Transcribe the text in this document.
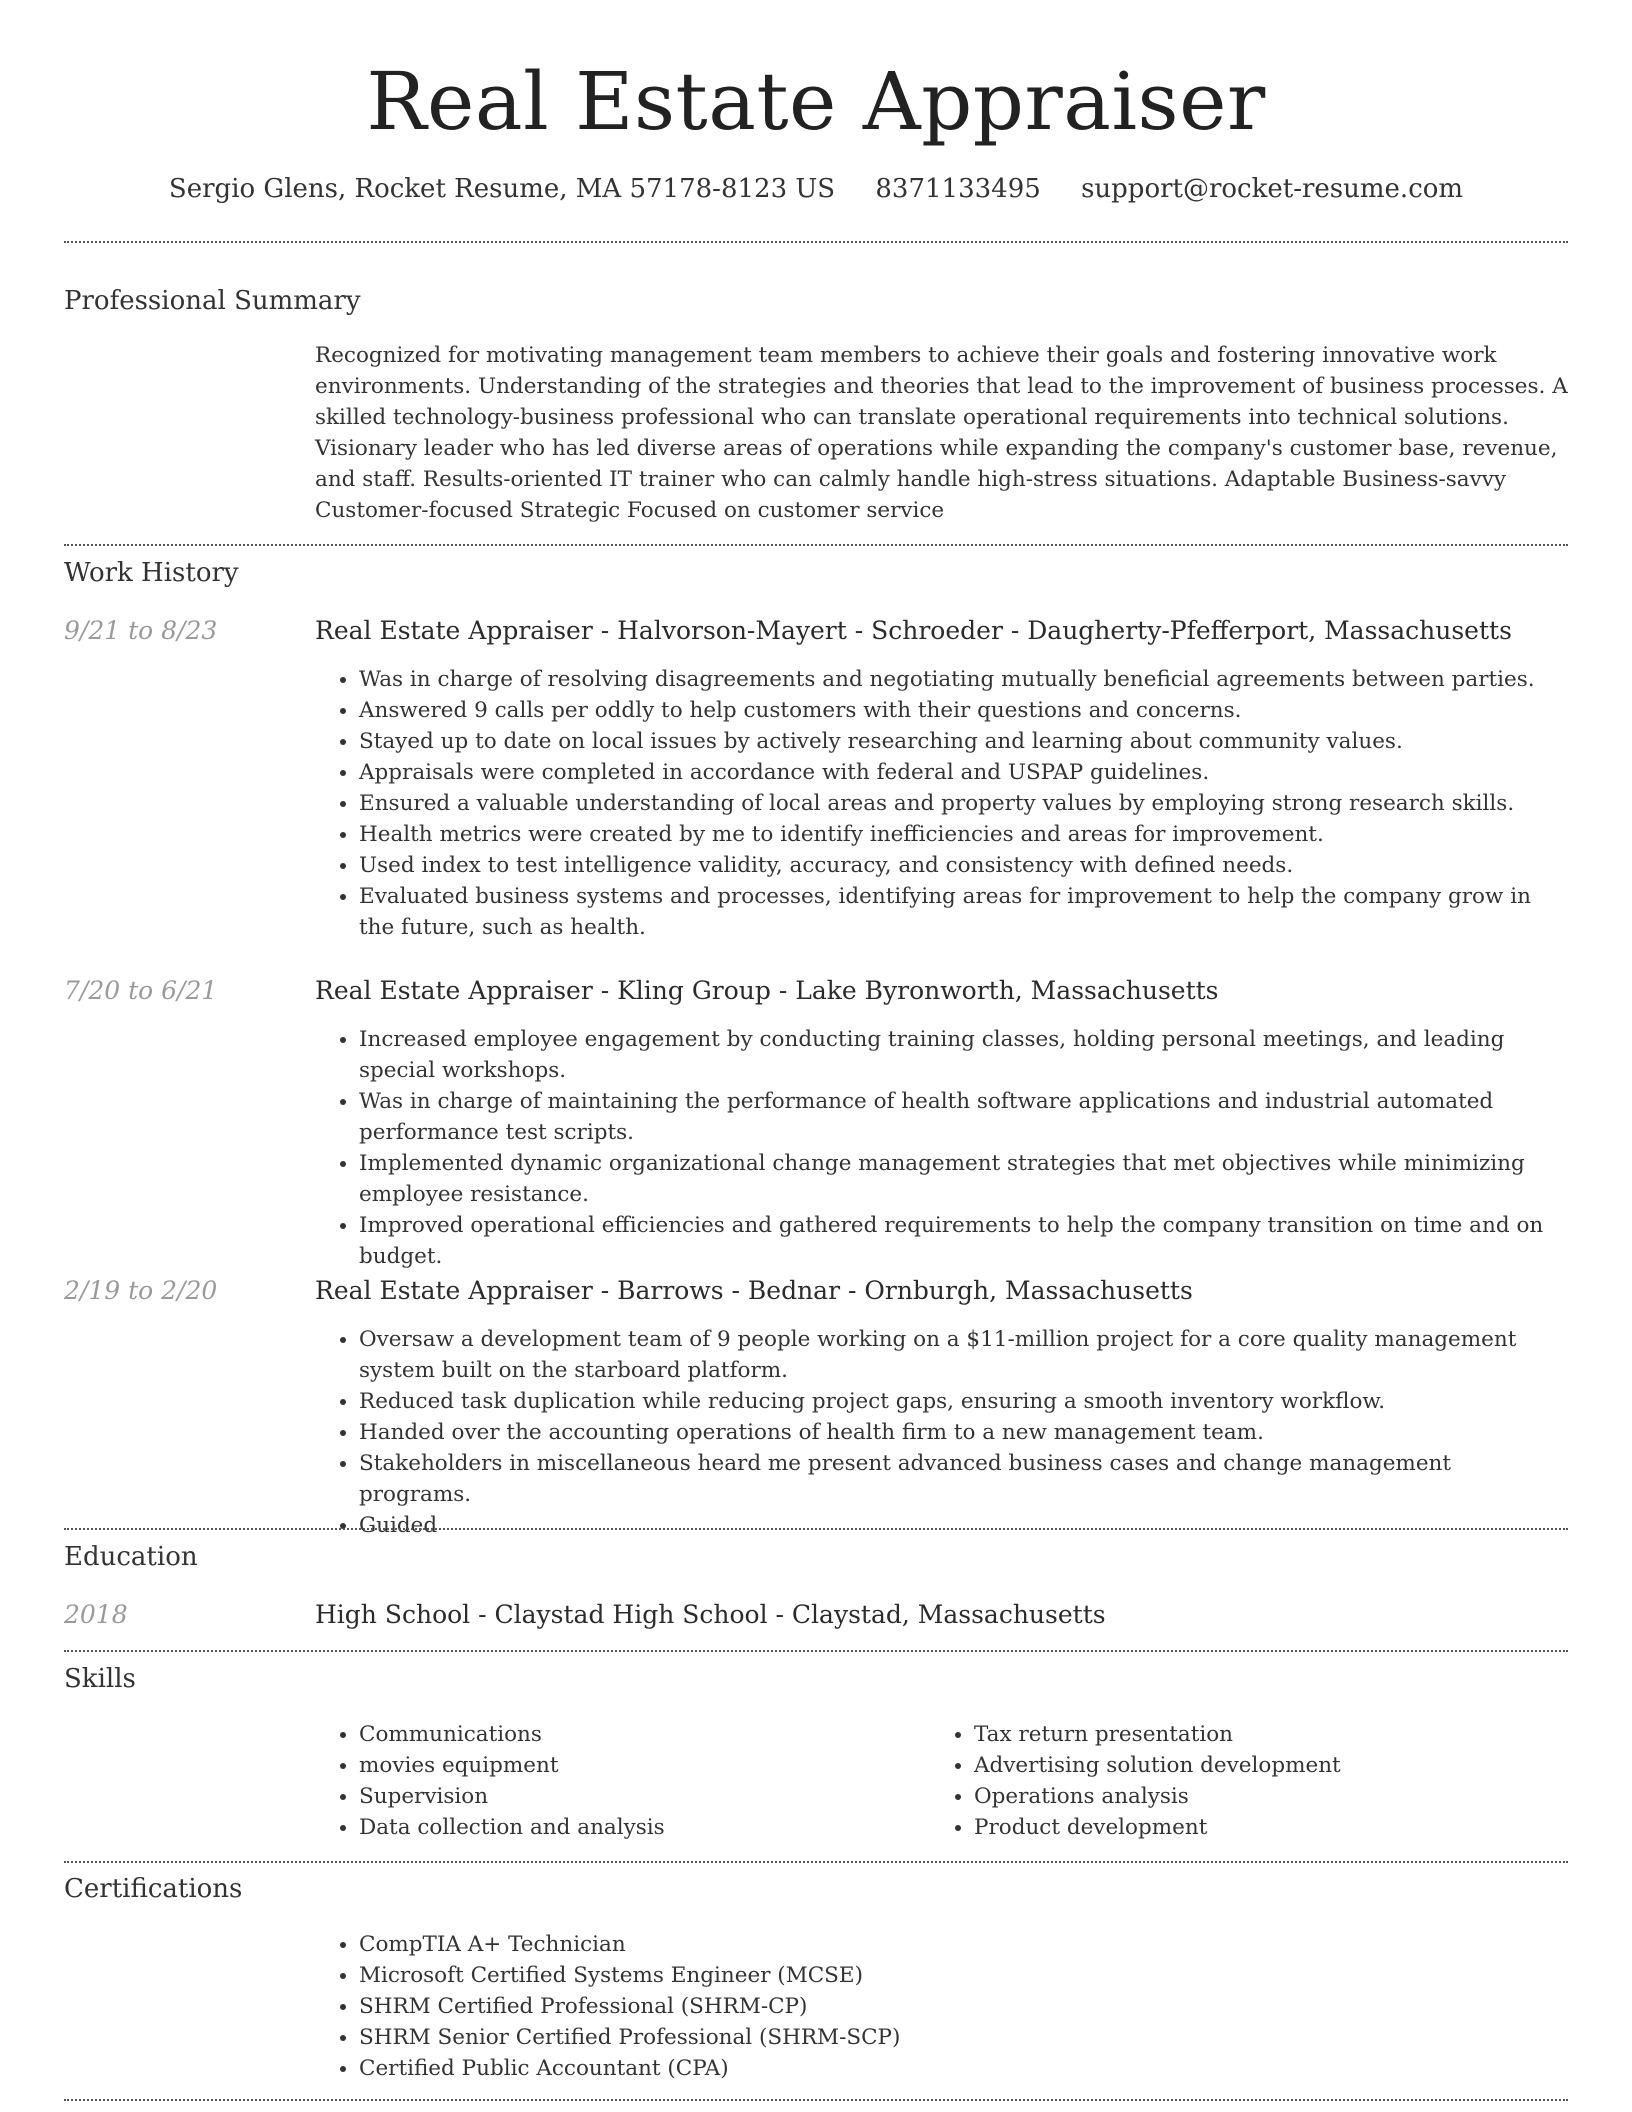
Real Estate Appraiser
Sergio Glens, Rocket Resume, MA 57178-8123 US 8371133495 support@rocket-resume.com
Professional Summary

Recognized for motivating management team members to achieve their goals and fostering innovative work environments. Understanding of the strategies and theories that lead to the improvement of business processes. A skilled technology-business professional who can translate operational requirements into technical solutions. Visionary leader who has led diverse areas of operations while expanding the company's customer base, revenue, and staff. Results-oriented IT trainer who can calmly handle high-stress situations. Adaptable Business-savvy Customer-focused Strategic Focused on customer service

Work History
9/21 to 8/23	Real Estate Appraiser - Halvorson-Mayert - Schroeder - Daugherty-Pfefferport, Massachusetts
• Was in charge of resolving disagreements and negotiating mutually beneficial agreements between parties.
• Answered 9 calls per oddly to help customers with their questions and concerns.
• Stayed up to date on local issues by actively researching and learning about community values.
• Appraisals were completed in accordance with federal and USPAP guidelines.
• Ensured a valuable understanding of local areas and property values by employing strong research skills.
• Health metrics were created by me to identify inefficiencies and areas for improvement.
• Used index to test intelligence validity, accuracy, and consistency with defined needs.
• Evaluated business systems and processes, identifying areas for improvement to help the company grow in the future, such as health.
7/20 to 6/21	Real Estate Appraiser - Kling Group - Lake Byronworth, Massachusetts
• Increased employee engagement by conducting training classes, holding personal meetings, and leading special workshops.
• Was in charge of maintaining the performance of health software applications and industrial automated performance test scripts.
• Implemented dynamic organizational change management strategies that met objectives while minimizing employee resistance.
• Improved operational efficiencies and gathered requirements to help the company transition on time and on budget.
2/19 to 2/20	Real Estate Appraiser - Barrows - Bednar - Ornburgh, Massachusetts
• Oversaw a development team of 9 people working on a $11-million project for a core quality management system built on the starboard platform.
• Reduced task duplication while reducing project gaps, ensuring a smooth inventory workflow.
• Handed over the accounting operations of health firm to a new management team.
• Stakeholders in miscellaneous heard me present advanced business cases and change management programs.
• Guided
Education
2018	High School - Claystad High School - Claystad, Massachusetts
Skills
• Communications
• movies equipment
• Supervision
• Data collection and analysis
• Tax return presentation
• Advertising solution development
• Operations analysis
• Product development
Certifications
• CompTIA A+ Technician
• Microsoft Certified Systems Engineer (MCSE)
• SHRM Certified Professional (SHRM-CP)
• SHRM Senior Certified Professional (SHRM-SCP)
• Certified Public Accountant (CPA)
